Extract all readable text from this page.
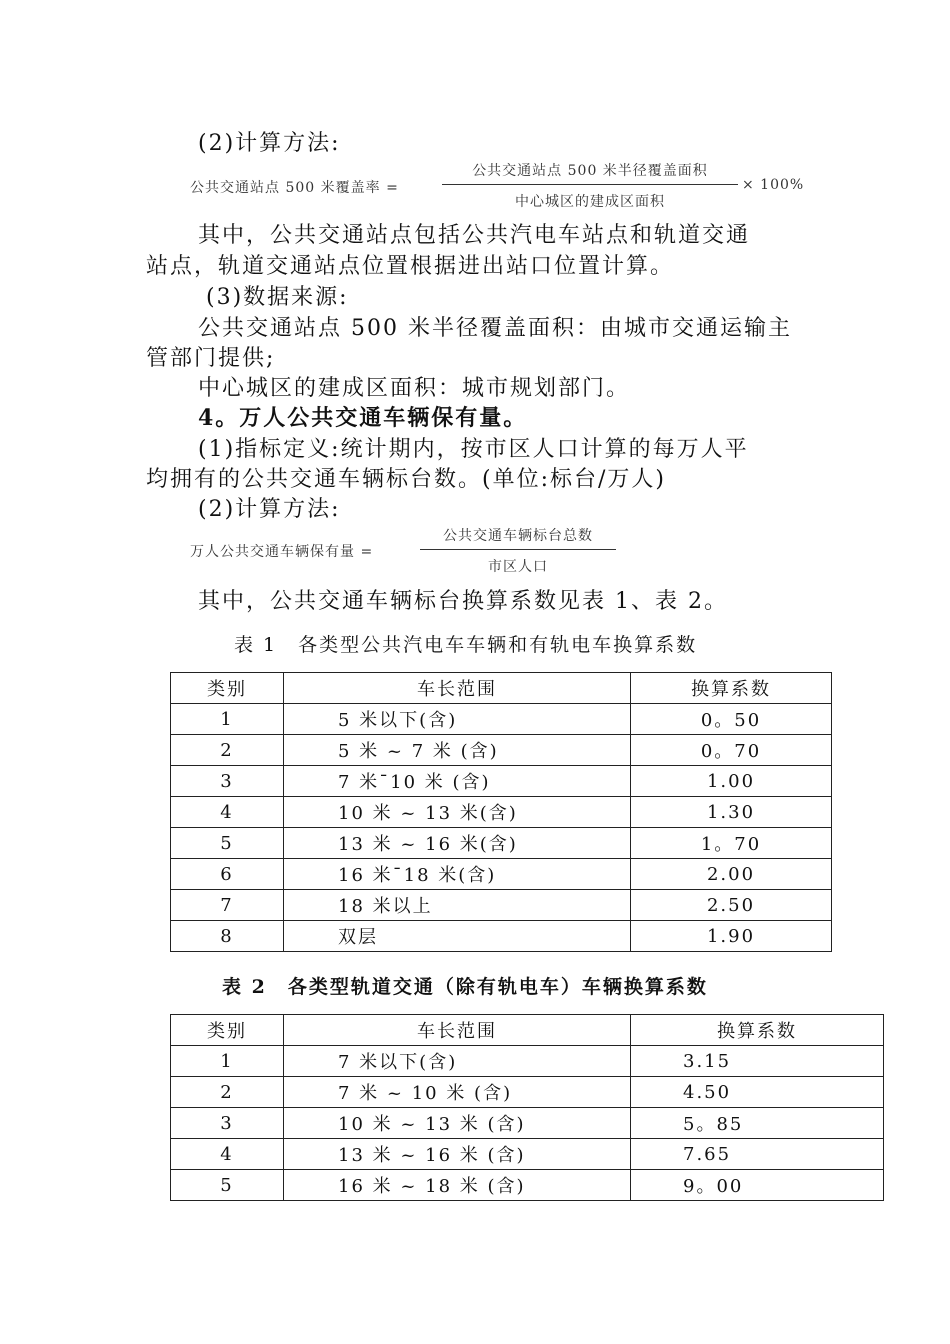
(2)计算方法:
公共交通站点 500 米覆盖率 =
公共交通站点 500 米半径覆盖面积
中心城区的建成区面积
× 100%
其中，公共交通站点包括公共汽电车站点和轨道交通
站点，轨道交通站点位置根据进出站口位置计算。
(3)数据来源:
公共交通站点 500 米半径覆盖面积：由城市交通运输主
管部门提供;
中心城区的建成区面积：城市规划部门。
4。万人公共交通车辆保有量。
(1)指标定义:统计期内，按市区人口计算的每万人平
均拥有的公共交通车辆标台数。(单位:标台/万人)
(2)计算方法:
万人公共交通车辆保有量 =
公共交通车辆标台总数
市区人口
其中，公共交通车辆标台换算系数见表 1、表 2。
表 1　各类型公共汽电车车辆和有轨电车换算系数
类别	车长范围	换算系数
1	5 米以下(含)	0。50
2	5 米 ~ 7 米 (含)	0。70
3	7 米¯10 米 (含)	1.00
4	10 米 ~ 13 米(含)	1.30
5	13 米 ~ 16 米(含)	1。70
6	16 米¯18 米(含)	2.00
7	18 米以上	2.50
8	双层	1.90
表 2　各类型轨道交通（除有轨电车）车辆换算系数
类别	车长范围	换算系数
1	7 米以下(含)	3.15
2	7 米 ~ 10 米 (含)	4.50
3	10 米 ~ 13 米 (含)	5。85
4	13 米 ~ 16 米 (含)	7.65
5	16 米 ~ 18 米 (含)	9。00
